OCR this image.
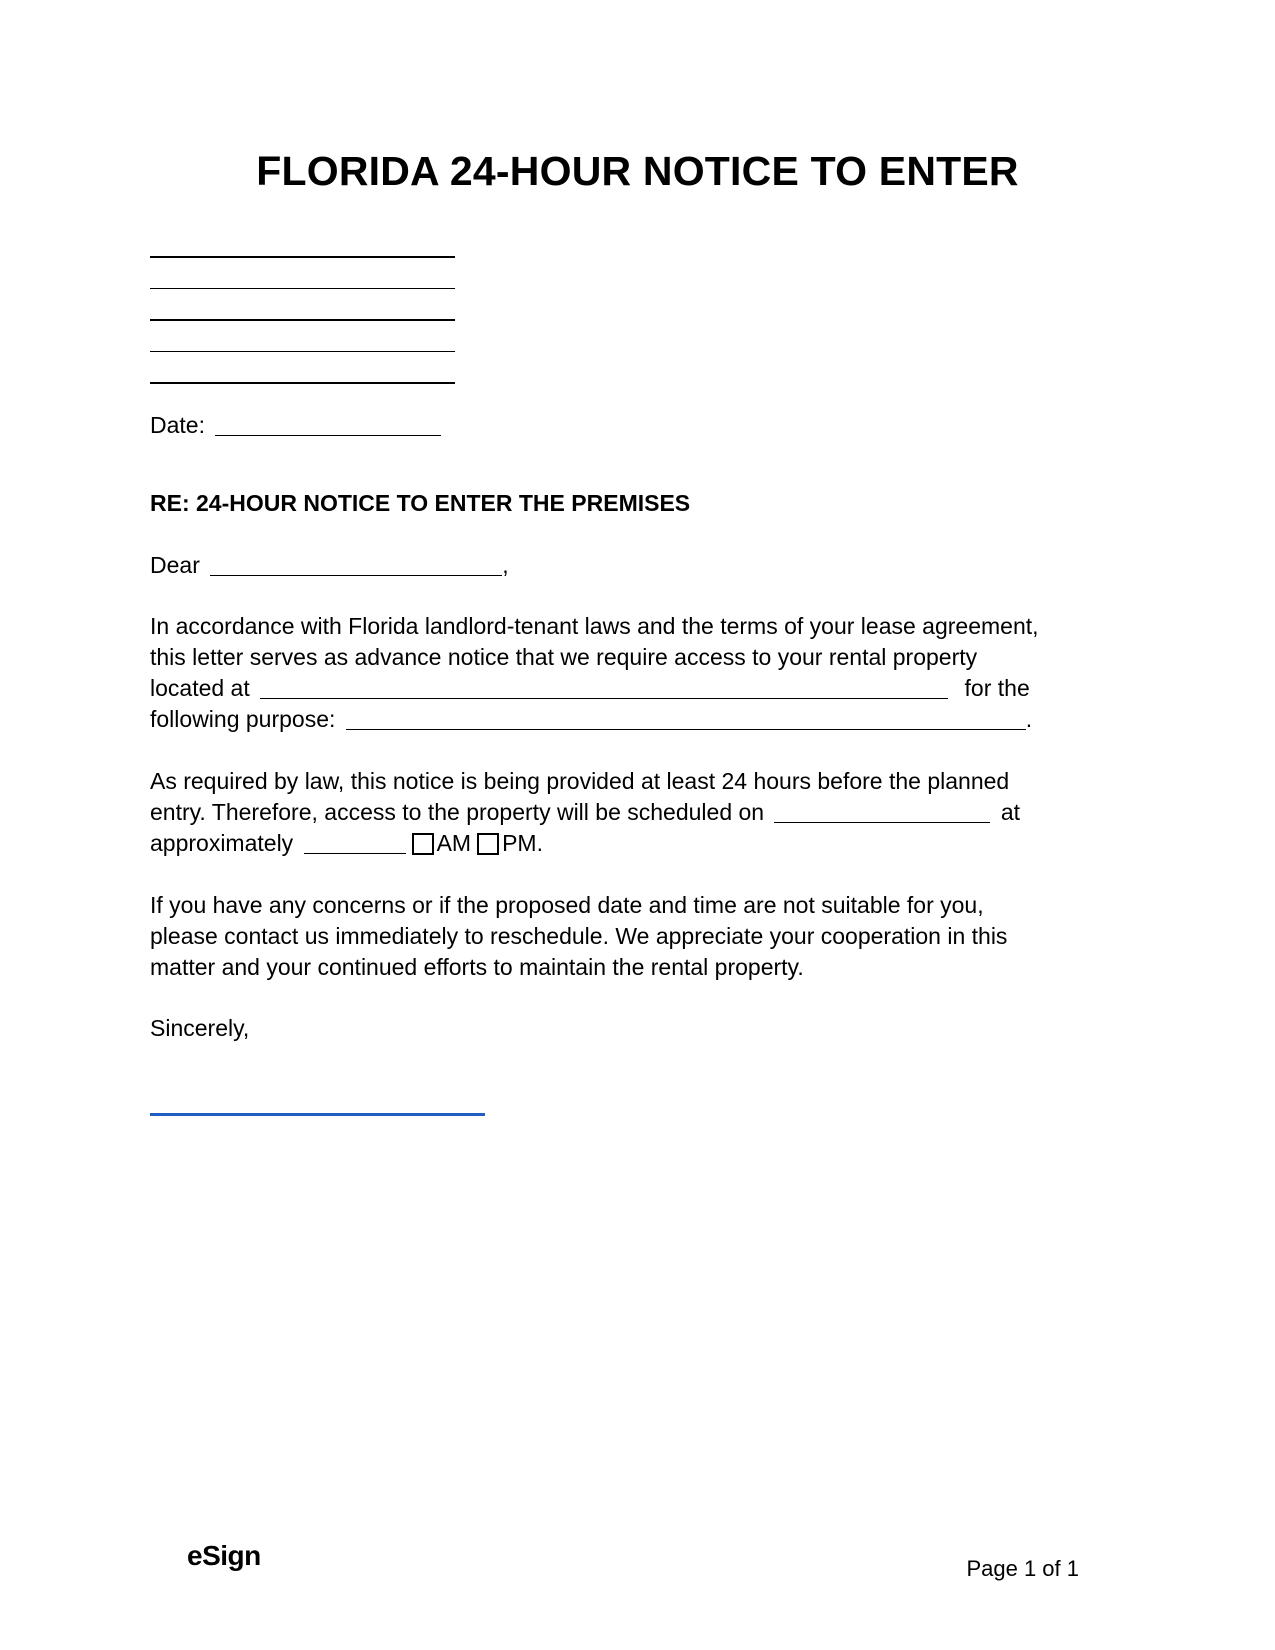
FLORIDA 24-HOUR NOTICE TO ENTER
Date:
RE: 24-HOUR NOTICE TO ENTER THE PREMISES
Dear	,
In accordance with Florida landlord-tenant laws and the terms of your lease agreement,
this letter serves as advance notice that we require access to your rental property
located at	for the
following purpose:	.
As required by law, this notice is being provided at least 24 hours before the planned
entry. Therefore, access to the property will be scheduled on	at
approximately	AM PM.
If you have any concerns or if the proposed date and time are not suitable for you,
please contact us immediately to reschedule. We appreciate your cooperation in this
matter and your continued efforts to maintain the rental property.
Sincerely,
eSign	Page 1 of 1
